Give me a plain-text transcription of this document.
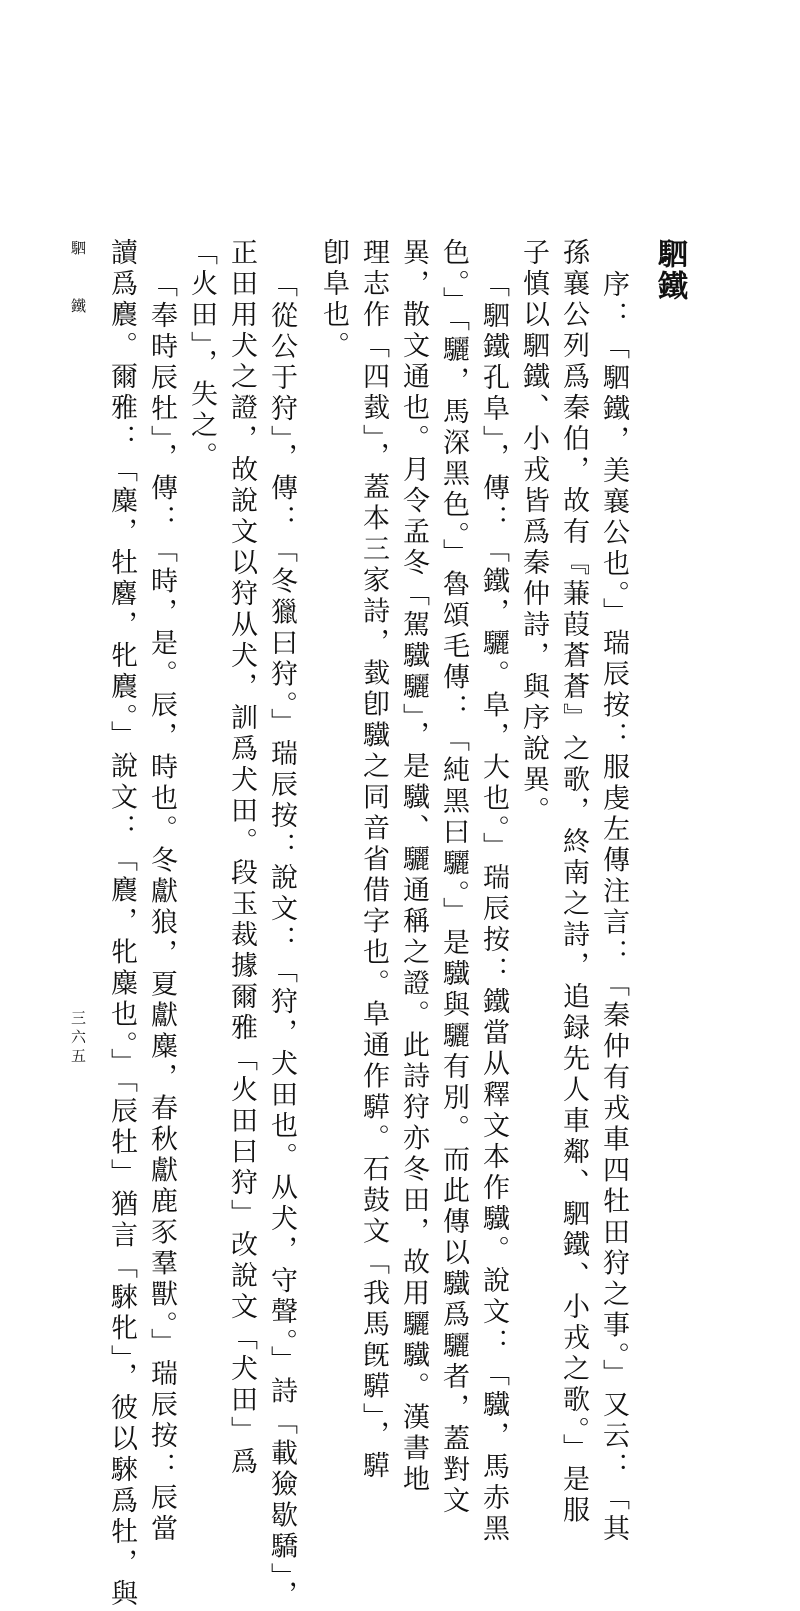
駟鐵
序：「駟鐵，美襄公也。」瑞辰按：服虔左傳注言：「秦仲有戎車四牡田狩之事。」又云：「其
孫襄公列爲秦伯，故有『蒹葭蒼蒼』之歌，終南之詩，追録先人車鄰、駟鐵、小戎之歌。」是服
子慎以駟鐵、小戎皆爲秦仲詩，與序說異。
「駟鐵孔阜」，傳：「鐵，驪。阜，大也。」瑞辰按：鐵當从釋文本作驖。說文：「驖，馬赤黑
色。」「驪，馬深黑色。」魯頌毛傳：「純黑曰驪。」是驖與驪有別。而此傳以驖爲驪者，蓋對文
異，散文通也。月令孟冬「駕驖驪」，是驖、驪通稱之證。此詩狩亦冬田，故用驪驖。漢書地
理志作「四臷」，蓋本三家詩，臷卽驖之同音省借字也。阜通作騲。石鼓文「我馬旣騲」，騲
卽阜也。
「從公于狩」，傳：「冬獵曰狩。」瑞辰按：說文：「狩，犬田也。从犬，守聲。」詩「載獫歇驕」，
正田用犬之證，故說文以狩从犬，訓爲犬田。段玉裁據爾雅「火田曰狩」改說文「犬田」爲
「火田」，失之。
「奉時辰牡」，傳：「時，是。辰，時也。冬獻狼，夏獻麋，春秋獻鹿豕羣獸。」瑞辰按：辰當
讀爲麎。爾雅：「麋，牡麔，牝麎。」說文：「麎，牝麋也。」「辰牡」猶言「騋牝」，彼以騋爲牡，與
駟　鐵
三六五
